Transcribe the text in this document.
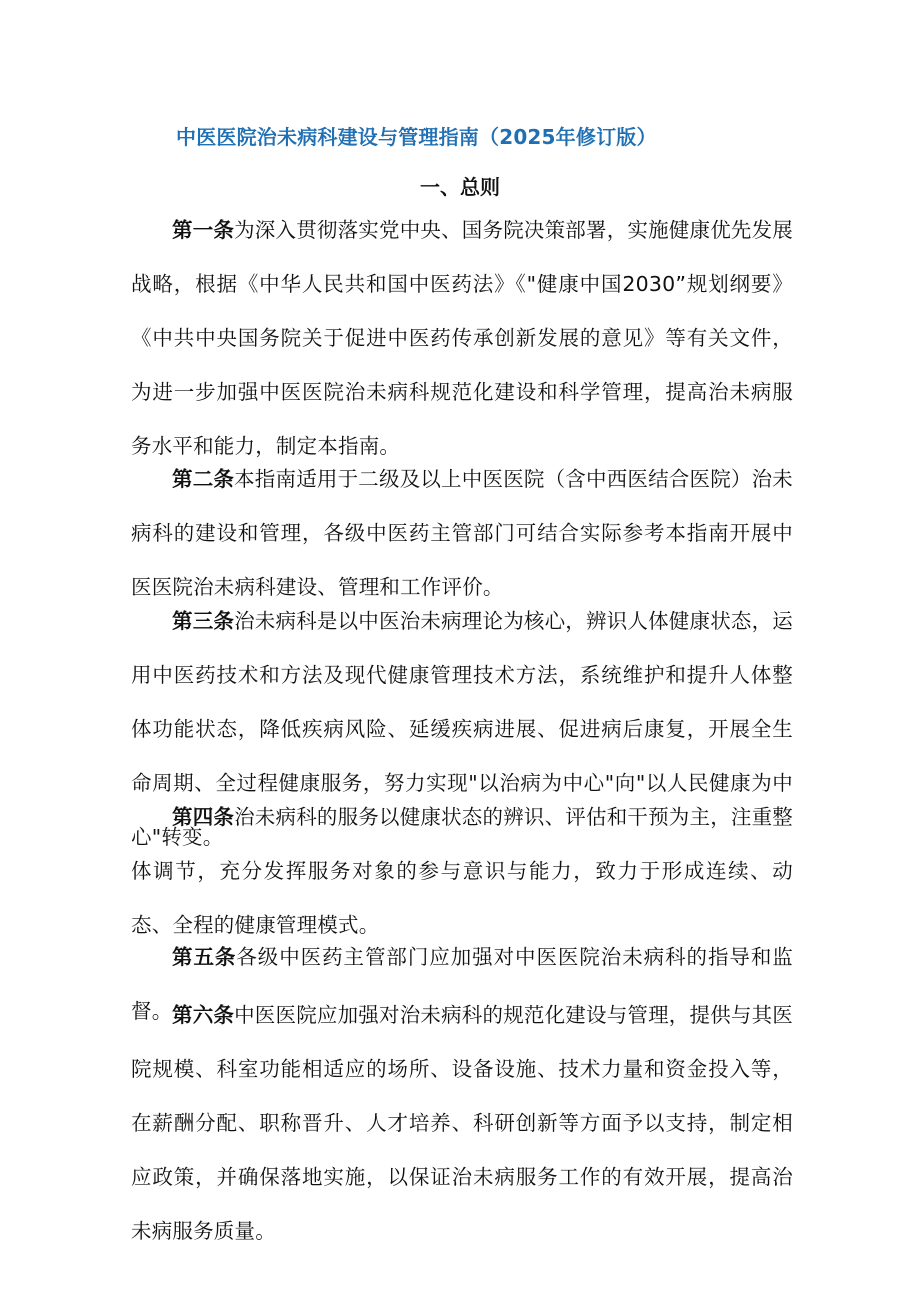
中医医院治未病科建设与管理指南（2025年修订版）
一、总则

第一条为深入贯彻落实党中央、国务院决策部署，实施健康优先发展战略，根据《中华人民共和国中医药法》《"健康中国2030”规划纲要》《中共中央国务院关于促进中医药传承创新发展的意见》等有关文件，为进一步加强中医医院治未病科规范化建设和科学管理，提高治未病服务水平和能力，制定本指南。

第二条本指南适用于二级及以上中医医院（含中西医结合医院）治未病科的建设和管理，各级中医药主管部门可结合实际参考本指南开展中医医院治未病科建设、管理和工作评价。

第三条治未病科是以中医治未病理论为核心，辨识人体健康状态，运用中医药技术和方法及现代健康管理技术方法，系统维护和提升人体整体功能状态，降低疾病风险、延缓疾病进展、促进病后康复，开展全生命周期、全过程健康服务，努力实现"以治病为中心"向"以人民健康为中心"转变。

第四条治未病科的服务以健康状态的辨识、评估和干预为主，注重整体调节，充分发挥服务对象的参与意识与能力，致力于形成连续、动态、全程的健康管理模式。

第五条各级中医药主管部门应加强对中医医院治未病科的指导和监督。 第六条中医医院应加强对治未病科的规范化建设与管理，提供与其医院规模、科室功能相适应的场所、设备设施、技术力量和资金投入等，在薪酬分配、职称晋升、人才培养、科研创新等方面予以支持，制定相应政策，并确保落地实施，以保证治未病服务工作的有效开展，提高治未病服务质量。
